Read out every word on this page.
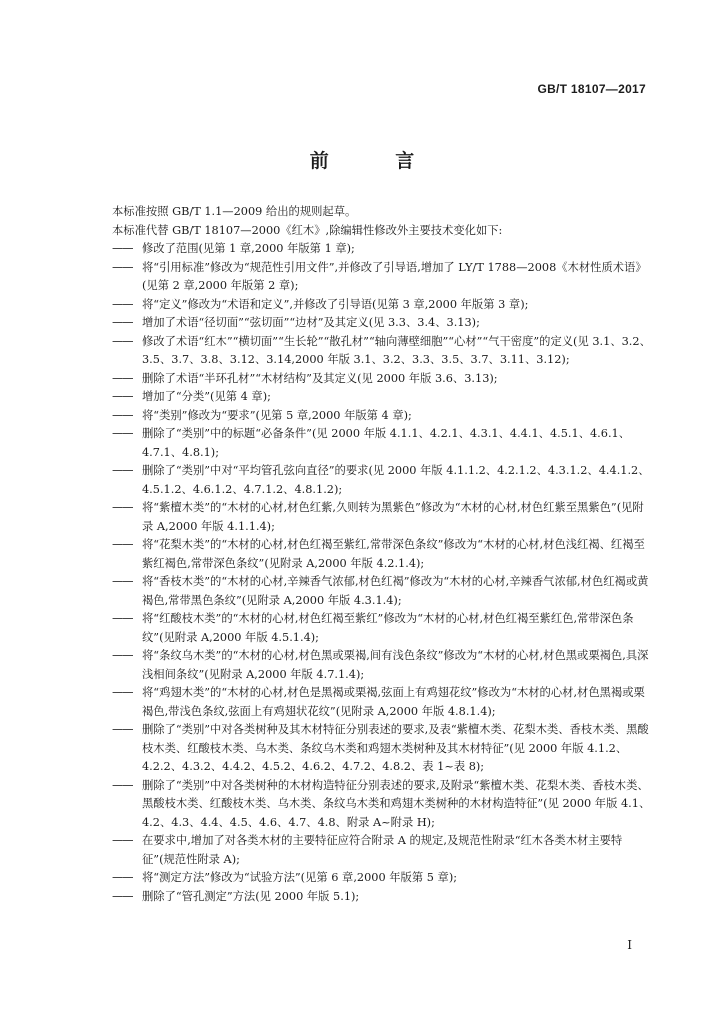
GB/T 18107—2017
前 言

本标准按照 GB/T 1.1—2009 给出的规则起草。

本标准代替 GB/T 18107—2000《红木》,除编辑性修改外主要技术变化如下:

—— 修改了范围(见第 1 章,2000 年版第 1 章);

—— 将“引用标准”修改为“规范性引用文件”,并修改了引导语,增加了 LY/T 1788—2008《木材性质术语》(见第 2 章,2000 年版第 2 章);

—— 将“定义”修改为“术语和定义”,并修改了引导语(见第 3 章,2000 年版第 3 章);

—— 增加了术语“径切面”“弦切面”“边材”及其定义(见 3.3、3.4、3.13);

—— 修改了术语“红木”“横切面”“生长轮”“散孔材”“轴向薄壁细胞”“心材”“气干密度”的定义(见 3.1、3.2、3.5、3.7、3.8、3.12、3.14,2000 年版 3.1、3.2、3.3、3.5、3.7、3.11、3.12);

—— 删除了术语“半环孔材”“木材结构”及其定义(见 2000 年版 3.6、3.13);

—— 增加了“分类”(见第 4 章);

—— 将“类别”修改为“要求”(见第 5 章,2000 年版第 4 章);

—— 删除了“类别”中的标题“必备条件”(见 2000 年版 4.1.1、4.2.1、4.3.1、4.4.1、4.5.1、4.6.1、4.7.1、4.8.1);

—— 删除了“类别”中对“平均管孔弦向直径”的要求(见 2000 年版 4.1.1.2、4.2.1.2、4.3.1.2、4.4.1.2、4.5.1.2、4.6.1.2、4.7.1.2、4.8.1.2);

—— 将“紫檀木类”的“木材的心材,材色红紫,久则转为黑紫色”修改为“木材的心材,材色红紫至黑紫色”(见附录 A,2000 年版 4.1.1.4);

—— 将“花梨木类”的“木材的心材,材色红褐至紫红,常带深色条纹”修改为“木材的心材,材色浅红褐、红褐至紫红褐色,常带深色条纹”(见附录 A,2000 年版 4.2.1.4);

—— 将“香枝木类”的“木材的心材,辛辣香气浓郁,材色红褐”修改为“木材的心材,辛辣香气浓郁,材色红褐或黄褐色,常带黑色条纹”(见附录 A,2000 年版 4.3.1.4);

—— 将“红酸枝木类”的“木材的心材,材色红褐至紫红”修改为“木材的心材,材色红褐至紫红色,常带深色条纹”(见附录 A,2000 年版 4.5.1.4);

—— 将“条纹乌木类”的“木材的心材,材色黑或栗褐,间有浅色条纹”修改为“木材的心材,材色黑或栗褐色,具深浅相间条纹”(见附录 A,2000 年版 4.7.1.4);

—— 将“鸡翅木类”的“木材的心材,材色是黑褐或栗褐,弦面上有鸡翅花纹”修改为“木材的心材,材色黑褐或栗褐色,带浅色条纹,弦面上有鸡翅状花纹”(见附录 A,2000 年版 4.8.1.4);

—— 删除了“类别”中对各类树种及其木材特征分别表述的要求,及表“紫檀木类、花梨木类、香枝木类、黑酸枝木类、红酸枝木类、乌木类、条纹乌木类和鸡翅木类树种及其木材特征”(见 2000 年版 4.1.2、4.2.2、4.3.2、4.4.2、4.5.2、4.6.2、4.7.2、4.8.2、表 1~表 8);

—— 删除了“类别”中对各类树种的木材构造特征分别表述的要求,及附录“紫檀木类、花梨木类、香枝木类、黑酸枝木类、红酸枝木类、乌木类、条纹乌木类和鸡翅木类树种的木材构造特征”(见 2000 年版 4.1、4.2、4.3、4.4、4.5、4.6、4.7、4.8、附录 A~附录 H);

—— 在要求中,增加了对各类木材的主要特征应符合附录 A 的规定,及规范性附录“红木各类木材主要特征”(规范性附录 A);

—— 将“测定方法”修改为“试验方法”(见第 6 章,2000 年版第 5 章);

—— 删除了“管孔测定”方法(见 2000 年版 5.1);

I
